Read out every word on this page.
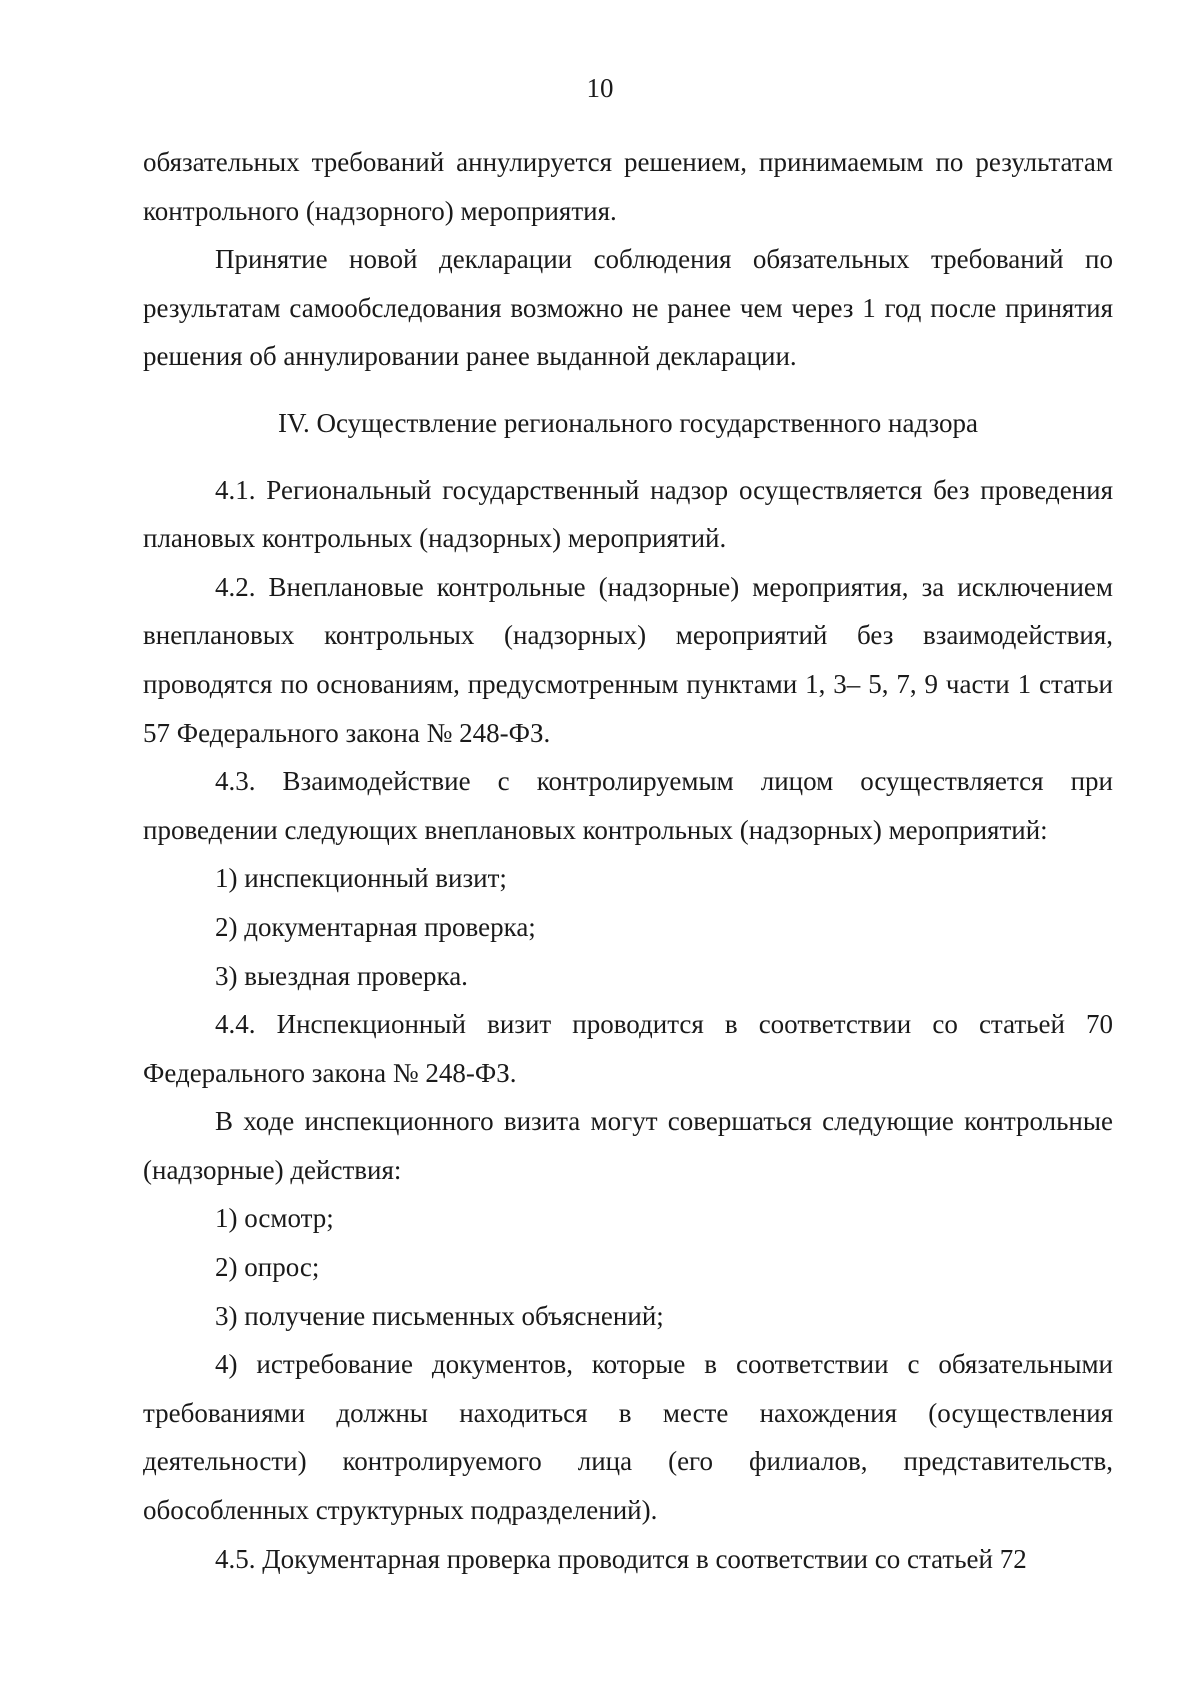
10

обязательных требований аннулируется решением, принимаемым по результатам контрольного (надзорного) мероприятия.

Принятие новой декларации соблюдения обязательных требований по результатам самообследования возможно не ранее чем через 1 год после принятия решения об аннулировании ранее выданной декларации.

IV. Осуществление регионального государственного надзора

4.1. Региональный государственный надзор осуществляется без проведения плановых контрольных (надзорных) мероприятий.

4.2. Внеплановые контрольные (надзорные) мероприятия, за исключением внеплановых контрольных (надзорных) мероприятий без взаимодействия, проводятся по основаниям, предусмотренным пунктами 1, 3– 5, 7, 9 части 1 статьи 57 Федерального закона № 248-ФЗ.

4.3. Взаимодействие с контролируемым лицом осуществляется при проведении следующих внеплановых контрольных (надзорных) мероприятий:

1) инспекционный визит;

2) документарная проверка;

3) выездная проверка.

4.4. Инспекционный визит проводится в соответствии со статьей 70 Федерального закона № 248-ФЗ.

В ходе инспекционного визита могут совершаться следующие контрольные (надзорные) действия:

1) осмотр;

2) опрос;

3) получение письменных объяснений;

4) истребование документов, которые в соответствии с обязательными требованиями должны находиться в месте нахождения (осуществления деятельности) контролируемого лица (его филиалов, представительств, обособленных структурных подразделений).

4.5. Документарная проверка проводится в соответствии со статьей 72
